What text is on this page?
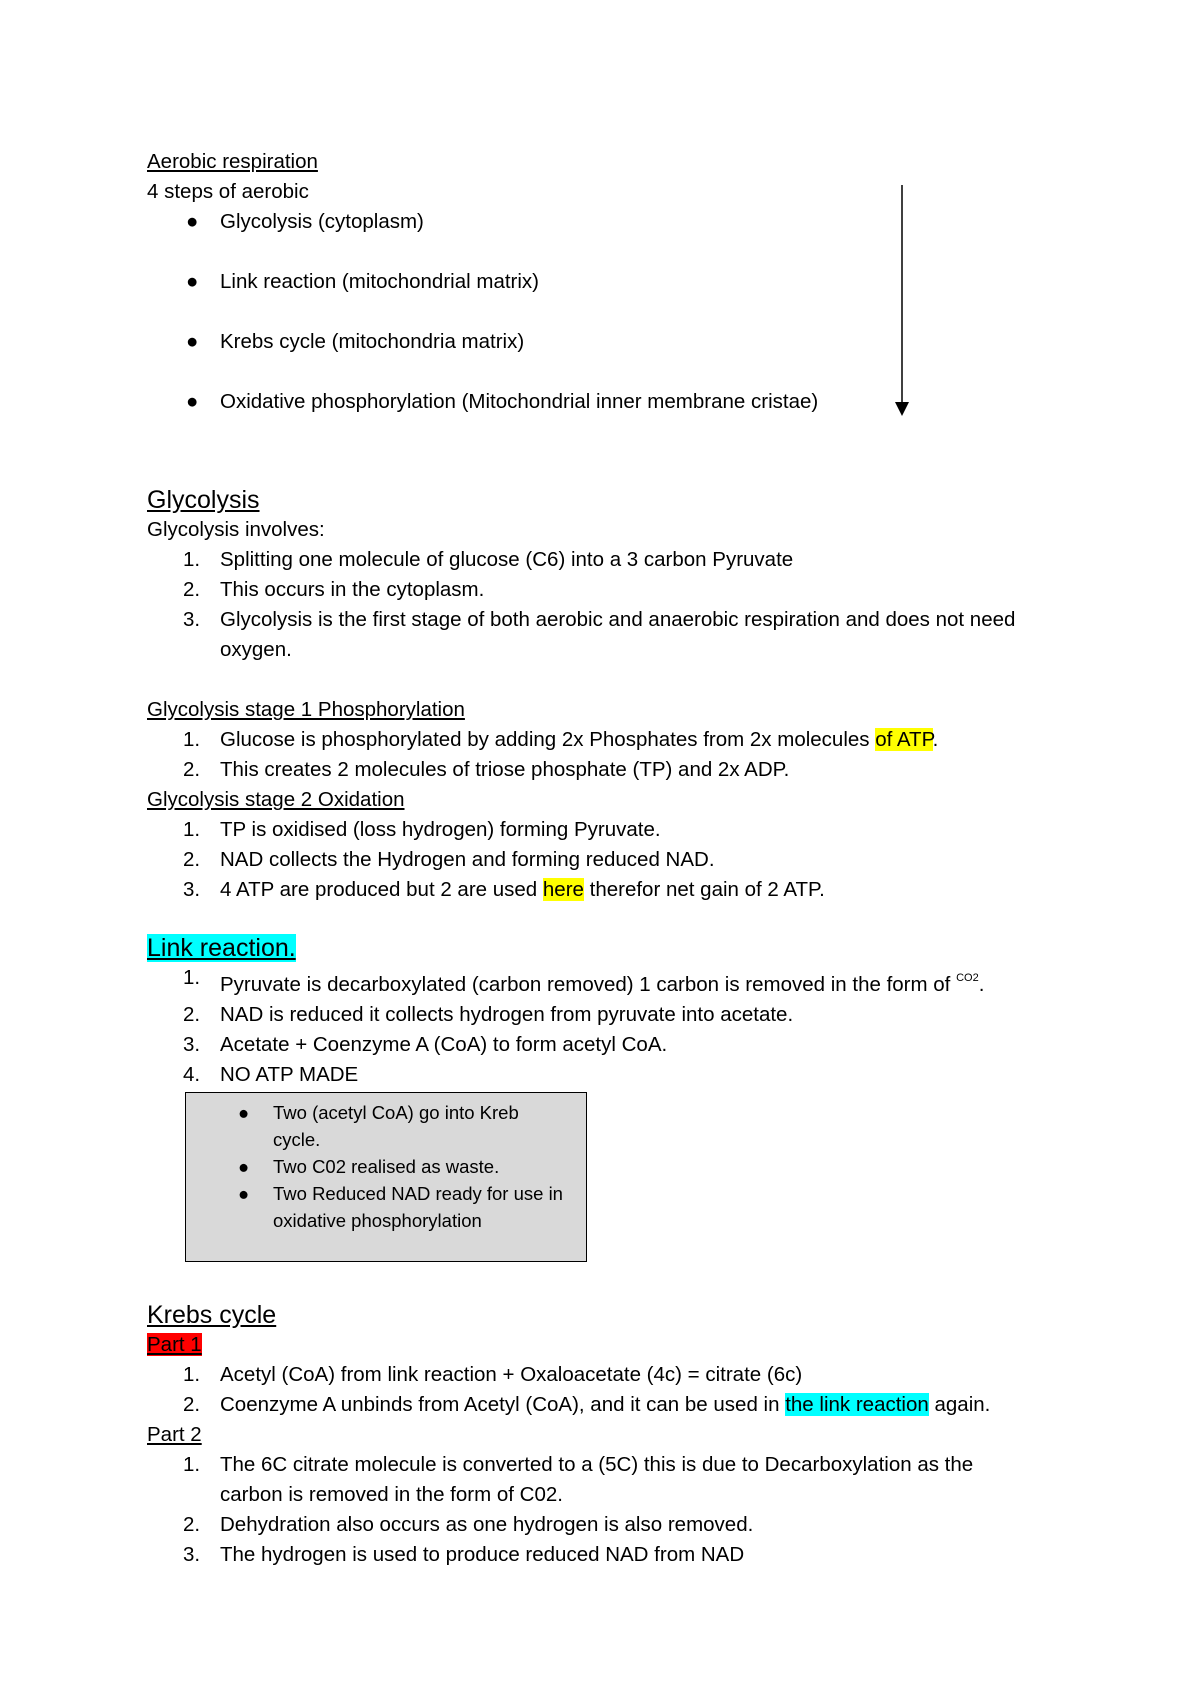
Aerobic respiration
4 steps of aerobic
● Glycolysis (cytoplasm)
● Link reaction (mitochondrial matrix)
● Krebs cycle (mitochondria matrix)
● Oxidative phosphorylation (Mitochondrial inner membrane cristae)
Glycolysis
Glycolysis involves:
1. Splitting one molecule of glucose (C6) into a 3 carbon Pyruvate
2. This occurs in the cytoplasm.
3. Glycolysis is the first stage of both aerobic and anaerobic respiration and does not need oxygen.
Glycolysis stage 1 Phosphorylation
1. Glucose is phosphorylated by adding 2x Phosphates from 2x molecules of ATP.
2. This creates 2 molecules of triose phosphate (TP) and 2x ADP.
Glycolysis stage 2 Oxidation
1. TP is oxidised (loss hydrogen) forming Pyruvate.
2. NAD collects the Hydrogen and forming reduced NAD.
3. 4 ATP are produced but 2 are used here therefor net gain of 2 ATP.
Link reaction.
1. Pyruvate is decarboxylated (carbon removed) 1 carbon is removed in the form of $^{CO2}$.
2. NAD is reduced it collects hydrogen from pyruvate into acetate.
3. Acetate + Coenzyme A (CoA) to form acetyl CoA.
4. NO ATP MADE
Krebs cycle
Part 1
1. Acetyl (CoA) from link reaction + Oxaloacetate (4c) = citrate (6c)
2. Coenzyme A unbinds from Acetyl (CoA), and it can be used in the link reaction again.
Part 2
1. The 6C citrate molecule is converted to a (5C) this is due to Decarboxylation as the carbon is removed in the form of C02.
2. Dehydration also occurs as one hydrogen is also removed.
3. The hydrogen is used to produce reduced NAD from NAD
● Two (acetyl CoA) go into Kreb cycle.
● Two C02 realised as waste.
● Two Reduced NAD ready for use in oxidative phosphorylation
